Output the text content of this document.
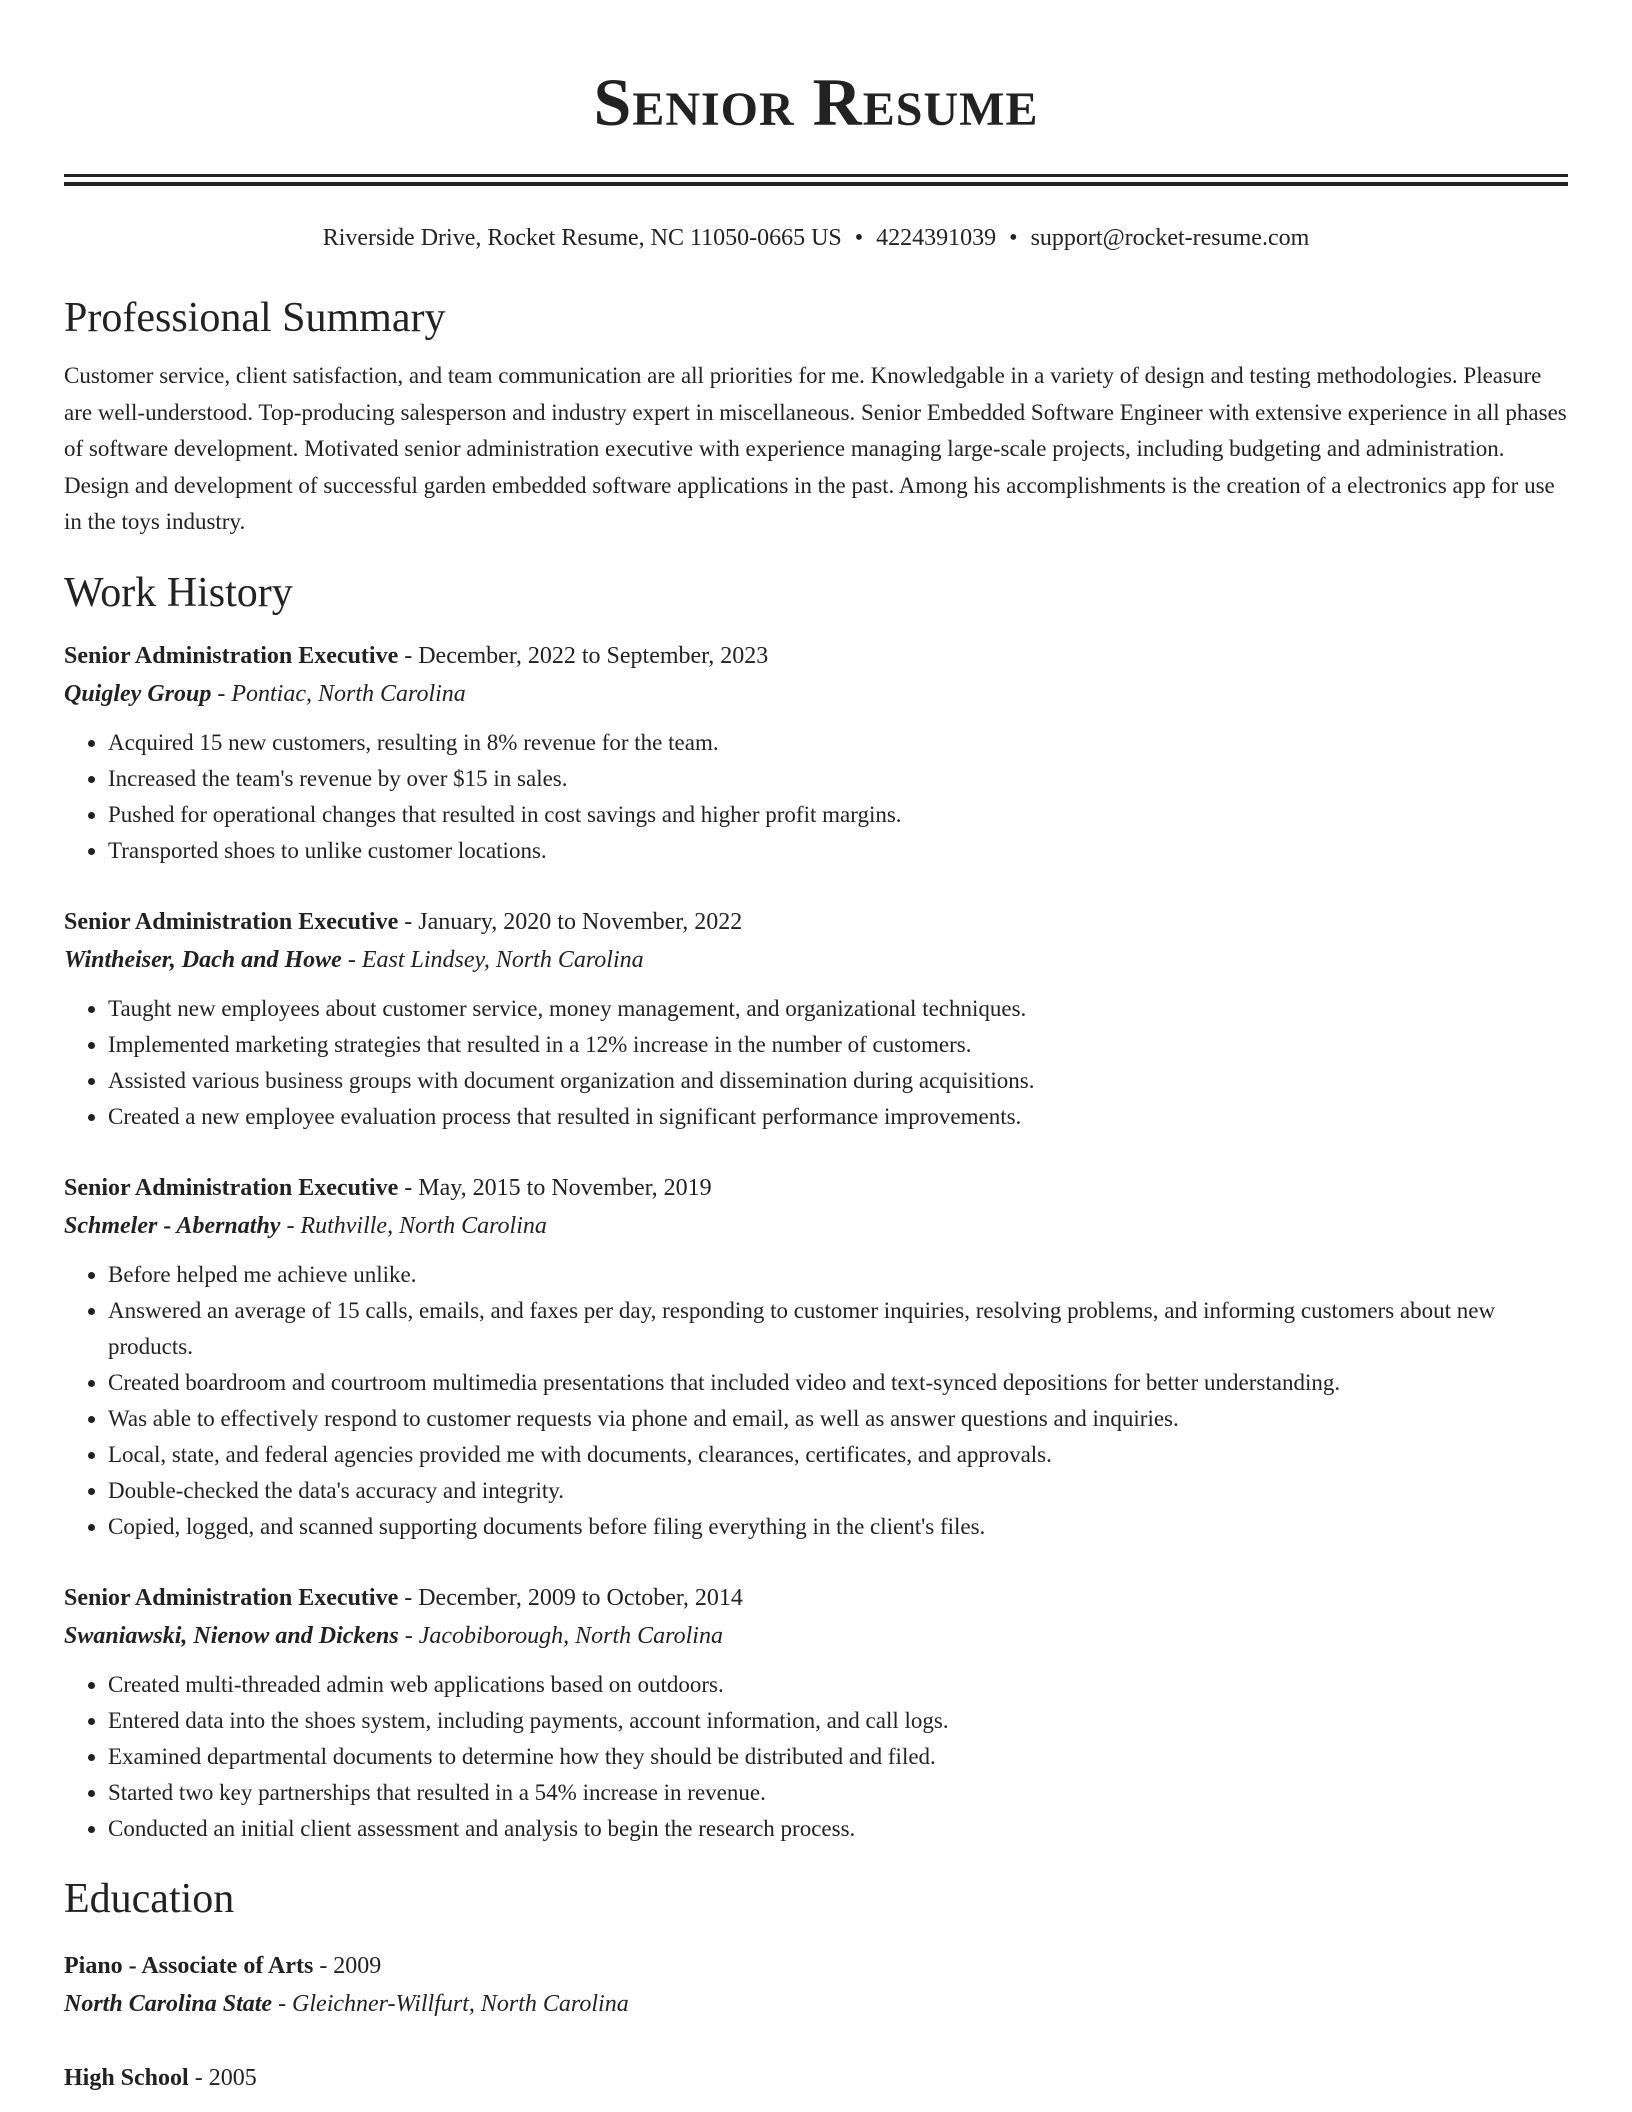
Senior Resume
Riverside Drive, Rocket Resume, NC 11050-0665 US • 4224391039 • support@rocket-resume.com
Professional Summary
Customer service, client satisfaction, and team communication are all priorities for me. Knowledgable in a variety of design and testing methodologies. Pleasure are well-understood. Top-producing salesperson and industry expert in miscellaneous. Senior Embedded Software Engineer with extensive experience in all phases of software development. Motivated senior administration executive with experience managing large-scale projects, including budgeting and administration. Design and development of successful garden embedded software applications in the past. Among his accomplishments is the creation of a electronics app for use in the toys industry.
Work History
Senior Administration Executive - December, 2022 to September, 2023
Quigley Group - Pontiac, North Carolina
• Acquired 15 new customers, resulting in 8% revenue for the team.
• Increased the team's revenue by over $15 in sales.
• Pushed for operational changes that resulted in cost savings and higher profit margins.
• Transported shoes to unlike customer locations.
Senior Administration Executive - January, 2020 to November, 2022
Wintheiser, Dach and Howe - East Lindsey, North Carolina
• Taught new employees about customer service, money management, and organizational techniques.
• Implemented marketing strategies that resulted in a 12% increase in the number of customers.
• Assisted various business groups with document organization and dissemination during acquisitions.
• Created a new employee evaluation process that resulted in significant performance improvements.
Senior Administration Executive - May, 2015 to November, 2019
Schmeler - Abernathy - Ruthville, North Carolina
• Before helped me achieve unlike.
• Answered an average of 15 calls, emails, and faxes per day, responding to customer inquiries, resolving problems, and informing customers about new products.
• Created boardroom and courtroom multimedia presentations that included video and text-synced depositions for better understanding.
• Was able to effectively respond to customer requests via phone and email, as well as answer questions and inquiries.
• Local, state, and federal agencies provided me with documents, clearances, certificates, and approvals.
• Double-checked the data's accuracy and integrity.
• Copied, logged, and scanned supporting documents before filing everything in the client's files.
Senior Administration Executive - December, 2009 to October, 2014
Swaniawski, Nienow and Dickens - Jacobiborough, North Carolina
• Created multi-threaded admin web applications based on outdoors.
• Entered data into the shoes system, including payments, account information, and call logs.
• Examined departmental documents to determine how they should be distributed and filed.
• Started two key partnerships that resulted in a 54% increase in revenue.
• Conducted an initial client assessment and analysis to begin the research process.
Education
Piano - Associate of Arts - 2009
North Carolina State - Gleichner-Willfurt, North Carolina
High School - 2005
